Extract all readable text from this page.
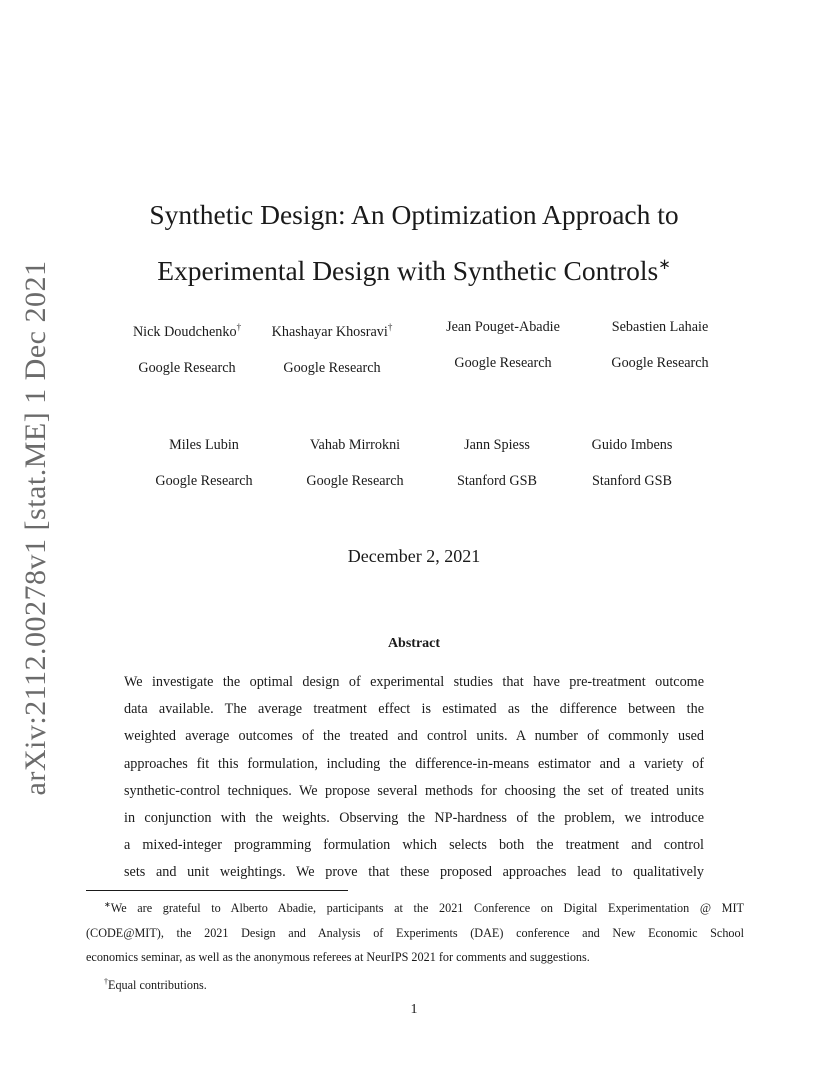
arXiv:2112.00278v1 [stat.ME] 1 Dec 2021
Synthetic Design: An Optimization Approach to
Experimental Design with Synthetic Controls∗
Nick Doudchenko†
Google Research
Khashayar Khosravi†
Google Research
Jean Pouget-Abadie
Google Research
Sebastien Lahaie
Google Research
Miles Lubin
Google Research
Vahab Mirrokni
Google Research
Jann Spiess
Stanford GSB
Guido Imbens
Stanford GSB
December 2, 2021
Abstract
We investigate the optimal design of experimental studies that have pre-treatment outcome
data available. The average treatment effect is estimated as the difference between the
weighted average outcomes of the treated and control units. A number of commonly used
approaches fit this formulation, including the difference-in-means estimator and a variety of
synthetic-control techniques. We propose several methods for choosing the set of treated units
in conjunction with the weights. Observing the NP-hardness of the problem, we introduce
a mixed-integer programming formulation which selects both the treatment and control
sets and unit weightings. We prove that these proposed approaches lead to qualitatively
∗We are grateful to Alberto Abadie, participants at the 2021 Conference on Digital Experimentation @ MIT
(CODE@MIT), the 2021 Design and Analysis of Experiments (DAE) conference and New Economic School
economics seminar, as well as the anonymous referees at NeurIPS 2021 for comments and suggestions.
†Equal contributions.
1
